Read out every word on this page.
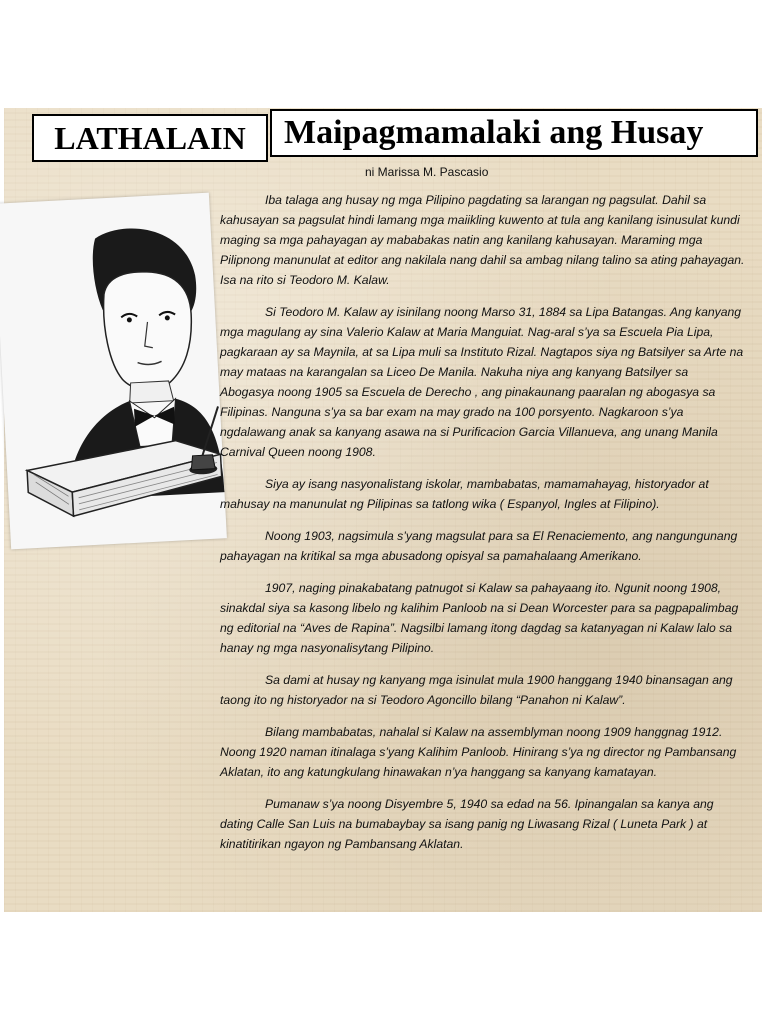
LATHALAIN Maipagmamalaki ang Husay
ni Marissa M. Pascasio

Iba talaga ang husay ng mga Pilipino pagdating sa larangan ng pagsulat. Dahil sa kahusayan sa pagsulat hindi lamang mga maiikling kuwento at tula ang kanilang isinusulat kundi maging sa mga pahayagan ay mababakas natin ang kanilang kahusayan. Maraming mga Pilipnong manunulat at editor ang nakilala nang dahil sa ambag nilang talino sa ating pahayagan. Isa na rito si Teodoro M. Kalaw.

Si Teodoro M. Kalaw ay isinilang noong Marso 31, 1884 sa Lipa Batangas. Ang kanyang mga magulang ay sina Valerio Kalaw at Maria Manguiat. Nag-aral s’ya sa Escuela Pia Lipa, pagkaraan ay sa Maynila, at sa Lipa muli sa Instituto Rizal. Nagtapos siya ng Batsilyer sa Arte na may mataas na karangalan sa Liceo De Manila. Nakuha niya ang kanyang Batsilyer sa Abogasya noong 1905 sa Escuela de Derecho , ang pinakaunang paaralan ng abogasya sa Filipinas. Nanguna s’ya sa bar exam na may grado na 100 porsyento. Nagkaroon s’ya ngdalawang anak sa kanyang asawa na si Purificacion Garcia Villanueva, ang unang Manila Carnival Queen noong 1908.

Siya ay isang nasyonalistang iskolar, mambabatas, mamamahayag, historyador at mahusay na manunulat ng Pilipinas sa tatlong wika ( Espanyol, Ingles at Filipino).

Noong 1903, nagsimula s’yang magsulat para sa El Renaciemento, ang nangungunang pahayagan na kritikal sa mga abusadong opisyal sa pamahalaang Amerikano.

1907, naging pinakabatang patnugot si Kalaw sa pahayaang ito. Ngunit noong 1908, sinakdal siya sa kasong libelo ng kalihim Panloob na si Dean Worcester para sa pagpapalimbag ng editorial na “Aves de Rapina”. Nagsilbi lamang itong dagdag sa katanyagan ni Kalaw lalo sa hanay ng mga nasyonalisytang Pilipino.

Sa dami at husay ng kanyang mga isinulat mula 1900 hanggang 1940 binansagan ang taong ito ng historyador na si Teodoro Agoncillo bilang “Panahon ni Kalaw”.

Bilang mambabatas, nahalal si Kalaw na assemblyman noong 1909 hanggnag 1912. Noong 1920 naman itinalaga s’yang Kalihim Panloob. Hinirang s’ya ng director ng Pambansang Aklatan, ito ang katungkulang hinawakan n’ya hanggang sa kanyang kamatayan.

Pumanaw s’ya noong Disyembre 5, 1940 sa edad na 56. Ipinangalan sa kanya ang dating Calle San Luis na bumabaybay sa isang panig ng Liwasang Rizal ( Luneta Park ) at kinatitirikan ngayon ng Pambansang Aklatan.
